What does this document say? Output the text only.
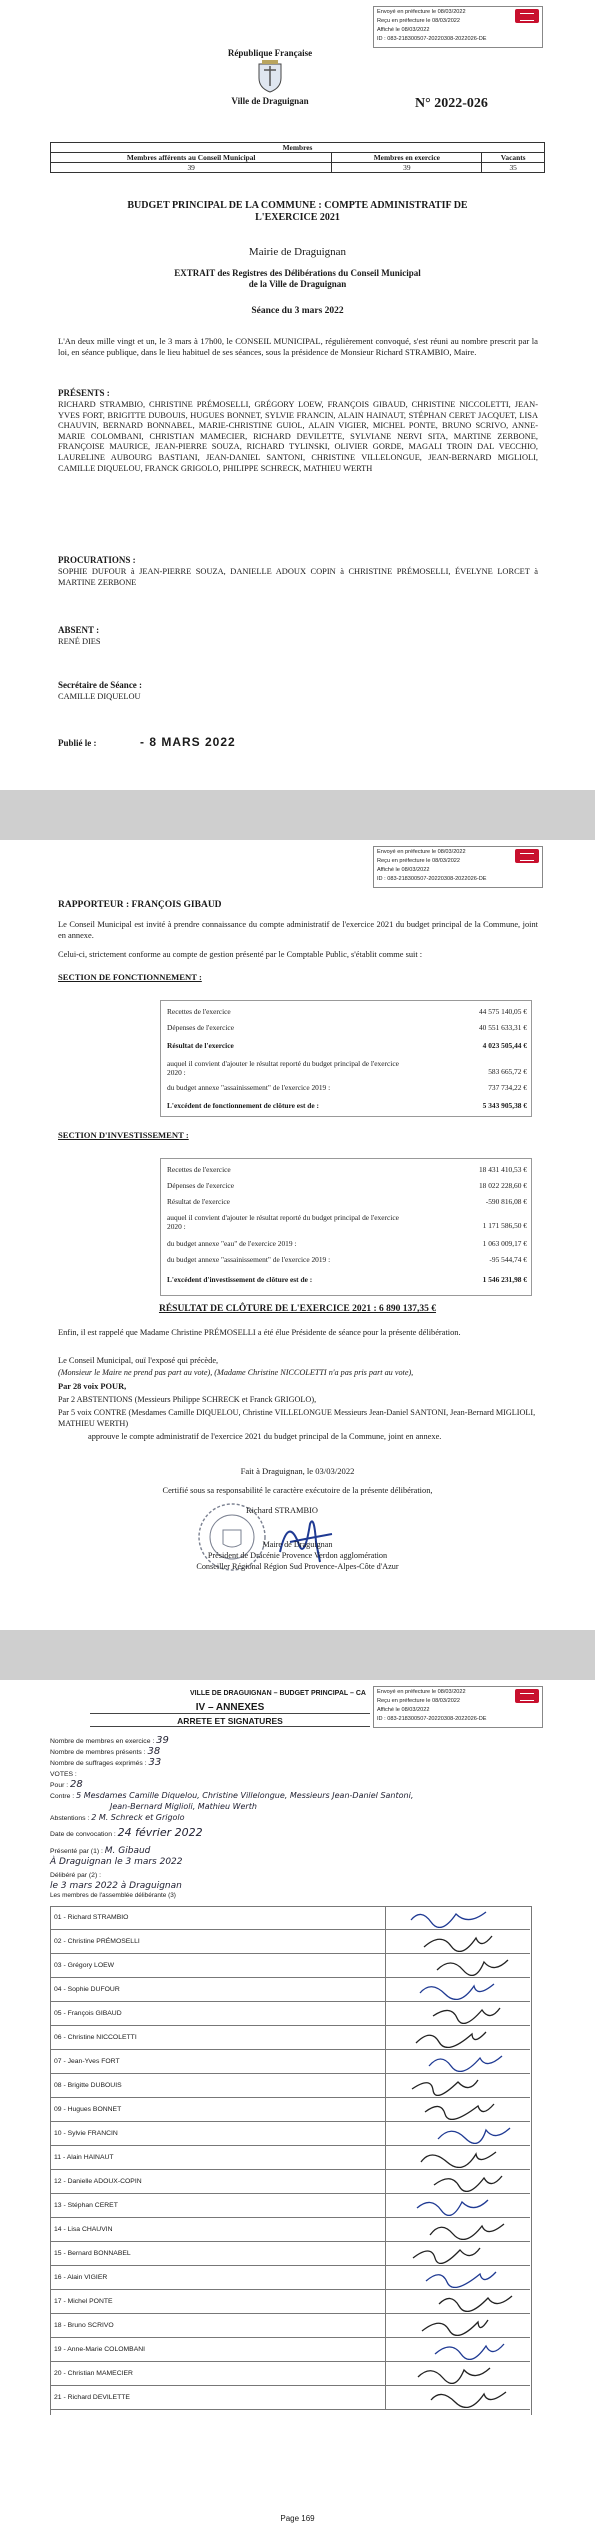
Envoyé en préfecture le 08/03/2022
Reçu en préfecture le 08/03/2022
Affiché le 08/03/2022
ID : 083-218300507-20220308-2022026-DE
République Française
Ville de Draguignan	N° 2022-026
Membres		
Membres afférents au Conseil Municipal	Membres en exercice	Vacants
39	39	35
BUDGET PRINCIPAL DE LA COMMUNE : COMPTE ADMINISTRATIF DE L'EXERCICE 2021
Mairie de Draguignan
EXTRAIT des Registres des Délibérations du Conseil Municipal de la Ville de Draguignan
Séance du 3 mars 2022
L'An deux mille vingt et un, le 3 mars à 17h00, le CONSEIL MUNICIPAL, régulièrement convoqué, s'est réuni au nombre prescrit par la loi, en séance publique, dans le lieu habituel de ses séances, sous la présidence de Monsieur Richard STRAMBIO, Maire.
PRÉSENTS :
RICHARD STRAMBIO, CHRISTINE PRÉMOSELLI, GRÉGORY LOEW, FRANÇOIS GIBAUD, CHRISTINE NICCOLETTI, JEAN-YVES FORT, BRIGITTE DUBOUIS, HUGUES BONNET, SYLVIE FRANCIN, ALAIN HAINAUT, STÉPHAN CERET JACQUET, LISA CHAUVIN, BERNARD BONNABEL, MARIE-CHRISTINE GUIOL, ALAIN VIGIER, MICHEL PONTE, BRUNO SCRIVO, ANNE-MARIE COLOMBANI, CHRISTIAN MAMECIER, RICHARD DEVILETTE, SYLVIANE NERVI SITA, MARTINE ZERBONE, FRANÇOISE MAURICE, JEAN-PIERRE SOUZA, RICHARD TYLINSKI, OLIVIER GORDE, MAGALI TROIN DAL VECCHIO, LAURELINE AUBOURG BASTIANI, JEAN-DANIEL SANTONI, CHRISTINE VILLELONGUE, JEAN-BERNARD MIGLIOLI, CAMILLE DIQUELOU, FRANCK GRIGOLO, PHILIPPE SCHRECK, MATHIEU WERTH
PROCURATIONS :
SOPHIE DUFOUR à JEAN-PIERRE SOUZA, DANIELLE ADOUX COPIN à CHRISTINE PRÉMOSELLI, ÉVELYNE LORCET à MARTINE ZERBONE
ABSENT :
RENÉ DIES
Secrétaire de Séance :
CAMILLE DIQUELOU
Publié le :	- 8 MARS 2022
Envoyé en préfecture le 08/03/2022
Reçu en préfecture le 08/03/2022
Affiché le 08/03/2022
ID : 083-218300507-20220308-2022026-DE
RAPPORTEUR : FRANÇOIS GIBAUD
Le Conseil Municipal est invité à prendre connaissance du compte administratif de l'exercice 2021 du budget principal de la Commune, joint en annexe.
Celui-ci, strictement conforme au compte de gestion présenté par le Comptable Public, s'établit comme suit :
SECTION DE FONCTIONNEMENT :
Recettes de l'exercice	44 575 140,05 €
Dépenses de l'exercice	40 551 633,31 €
Résultat de l'exercice	4 023 505,44 €
auquel il convient d'ajouter le résultat reporté du budget principal de l'exercice 2020 :	583 665,72 €
du budget annexe "assainissement" de l'exercice 2019 :	737 734,22 €
L'excédent de fonctionnement de clôture est de :	5 343 905,38 €
SECTION D'INVESTISSEMENT :
Recettes de l'exercice	18 431 410,53 €
Dépenses de l'exercice	18 022 228,60 €
Résultat de l'exercice	-590 816,08 €
auquel il convient d'ajouter le résultat reporté du budget principal de l'exercice 2020 :	1 171 586,50 €
du budget annexe "eau" de l'exercice 2019 :	1 063 009,17 €
du budget annexe "assainissement" de l'exercice 2019 :	-95 544,74 €
L'excédent d'investissement de clôture est de :	1 546 231,98 €
RÉSULTAT DE CLÔTURE DE L'EXERCICE 2021 : 6 890 137,35 €
Enfin, il est rappelé que Madame Christine PRÉMOSELLI a été élue Présidente de séance pour la présente délibération.
Le Conseil Municipal, ouï l'exposé qui précède,
(Monsieur le Maire ne prend pas part au vote), (Madame Christine NICCOLETTI n'a pas pris part au vote),
Par 28 voix POUR,
Par 2 ABSTENTIONS (Messieurs Philippe SCHRECK et Franck GRIGOLO),
Par 5 voix CONTRE (Mesdames Camille DIQUELOU, Christine VILLELONGUE Messieurs Jean-Daniel SANTONI, Jean-Bernard MIGLIOLI, MATHIEU WERTH)
approuve le compte administratif de l'exercice 2021 du budget principal de la Commune, joint en annexe.
Fait à Draguignan, le 03/03/2022
Certifié sous sa responsabilité le caractère exécutoire de la présente délibération,
Richard STRAMBIO
Maire de Draguignan
Président de Dracénie Provence Verdon agglomération
Conseiller Régional Région Sud Provence-Alpes-Côte d'Azur
Envoyé en préfecture le 08/03/2022
Reçu en préfecture le 08/03/2022
Affiché le 08/03/2022
ID : 083-218300507-20220308-2022026-DE
VILLE DE DRAGUIGNAN – BUDGET PRINCIPAL – CA
IV – ANNEXES
ARRETE ET SIGNATURES
Nombre de membres en exercice : 39
Nombre de membres présents : 38
Nombre de suffrages exprimés : 33
VOTES :
Pour : 28
Contre : 5 Mesdames Camille Diquelou, Christine Villelongue, Messieurs Jean-Daniel Santoni,
Jean-Bernard Miglioli, Mathieu Werth
Abstentions : 2 M. Schreck et Grigolo
Date de convocation : 24 février 2022
Présenté par (1) : M. Gibaud
À Draguignan le 3 mars 2022
Délibéré par (2) :
le 3 mars 2022 à Draguignan
Les membres de l'assemblée délibérante (3)
Page 169
01 - Richard STRAMBIO
02 - Christine PRÉMOSELLI
03 - Grégory LOEW
04 - Sophie DUFOUR
05 - François GIBAUD
06 - Christine NICCOLETTI
07 - Jean-Yves FORT
08 - Brigitte DUBOUIS
09 - Hugues BONNET
10 - Sylvie FRANCIN
11 - Alain HAINAUT
12 - Danielle ADOUX-COPIN
13 - Stéphan CERET
14 - Lisa CHAUVIN
15 - Bernard BONNABEL
16 - Alain VIGIER
17 - Michel PONTE
18 - Bruno SCRIVO
19 - Anne-Marie COLOMBANI
20 - Christian MAMECIER
21 - Richard DEVILETTE
